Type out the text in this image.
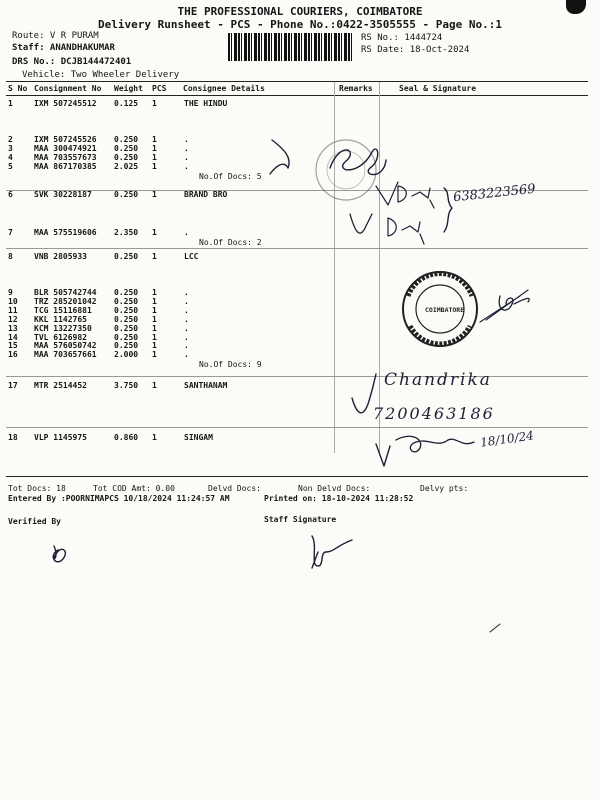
THE PROFESSIONAL COURIERS, COIMBATORE
Delivery Runsheet - PCS - Phone No.:0422-3505555 - Page No.:1
Route: V R PURAM
Staff: ANANDHAKUMAR
DRS No.: DCJB144472401
Vehicle: Two Wheeler Delivery
RS No.: 1444724
RS Date: 18-Oct-2024
S No Consignment No Weight PCS Consignee Details	Remarks	Seal & Signature
1	IXM 507245512 0.125 1	THE HINDU
2	IXM 507245526 0.250 1	.
3	MAA 300474921 0.250 1	.
4	MAA 703557673 0.250 1	.
5	MAA 867170385 2.025 1	.
No.Of Docs: 5
6	SVK 30228187	0.250 1	BRAND BRO
7	MAA 575519606 2.350 1	.
No.Of Docs: 2
8	VNB 2805933	0.250 1	LCC
9	BLR 505742744 0.250 1	.
10 TRZ 285201042 0.250 1	.
11 TCG 15116881	0.250 1	.
12 KKL 1142765	0.250 1	.
13 KCM 13227350	0.250 1	.
14 TVL 6126982	0.250 1	.
15 MAA 576050742 0.250 1	.
16 MAA 703657661 2.000 1	.
No.Of Docs: 9
17 MTR 2514452	3.750 1	SANTHANAM
18 VLP 1145975	0.860 1	SINGAM
Tot Docs: 18	Tot COD Amt: 0.00	Delvd Docs:	Non Delvd Docs:	Delvy pts:
Entered By :POORNIMAPCS 10/18/2024 11:24:57 AM	Printed on: 18-10-2024 11:28:52
Verified By	Staff Signature
6383223569
Chandrika
7200463186
18/10/24
COIMBATORE
